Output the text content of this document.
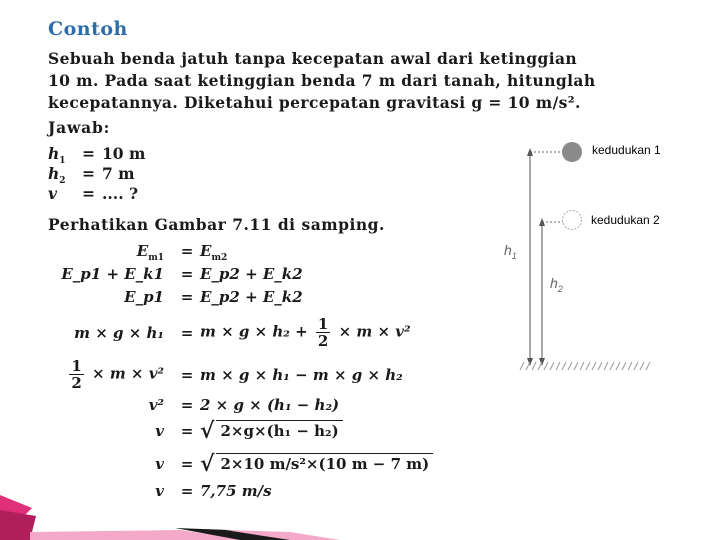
Contoh
Sebuah benda jatuh tanpa kecepatan awal dari ketinggian
10 m. Pada saat ketinggian benda 7 m dari tanah, hitunglah
kecepatannya. Diketahui percepatan gravitasi g = 10 m/s².
Jawab:
$h_1$	= 10 m
$h_2$	= 7 m
v	= .... ?
Perhatikan Gambar 7.11 di samping.
$E_{m1} = E_{m2}$
E_p1 + E_k1 = E_p2 + E_k2
E_p1 = E_p2 + E_k2
$m \times g \times h_1 = m \times g \times h_2 + \frac{1}{2} \times m \times v^2$
$\frac{1}{2} \times m \times v^2 = m \times g \times h_1 - m \times g \times h_2$
v² = 2 × g × (h₁ − h₂)
v = √ 2×g×(h₁ − h₂)
v = √ 2×10 m/s²×(10 m − 7 m)
v = 7,75 m/s
kedudukan 1
kedudukan 2
$h_1$
$h_2$
